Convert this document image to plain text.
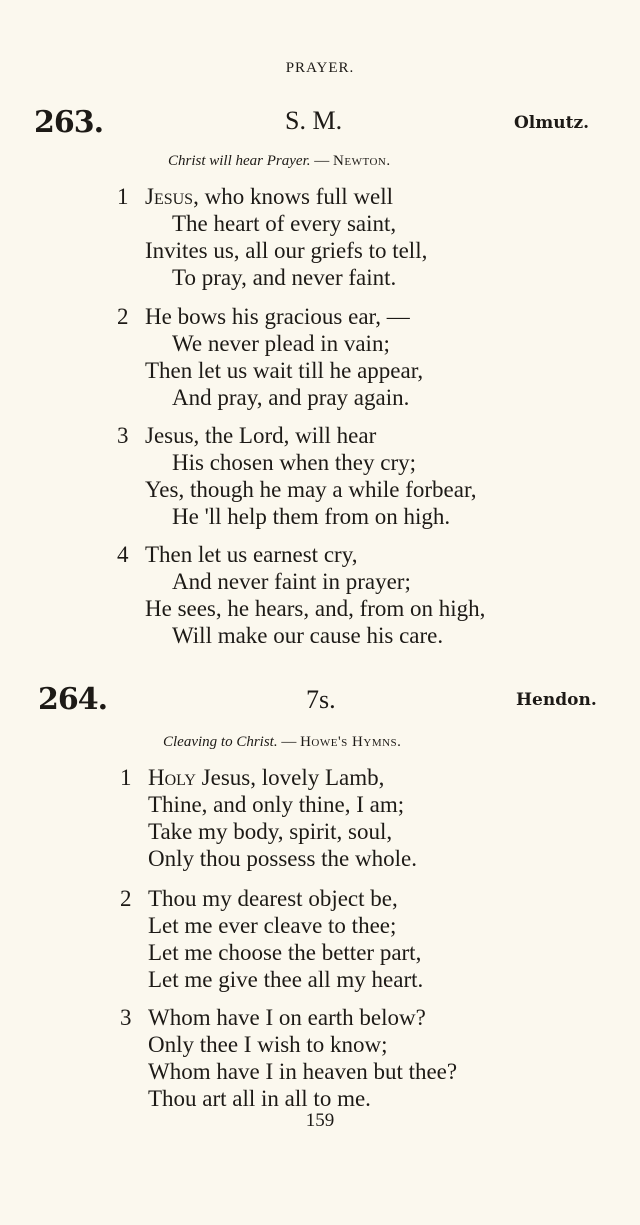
PRAYER.
263.	S. M.	Olmutz.
Christ will hear Prayer. — Newton.
1 Jesus, who knows full well
The heart of every saint,
Invites us, all our griefs to tell,
To pray, and never faint.
2 He bows his gracious ear, —
We never plead in vain;
Then let us wait till he appear,
And pray, and pray again.
3 Jesus, the Lord, will hear
His chosen when they cry;
Yes, though he may a while forbear,
He 'll help them from on high.
4 Then let us earnest cry,
And never faint in prayer;
He sees, he hears, and, from on high,
Will make our cause his care.
264.	7s.	Hendon.
Cleaving to Christ. — Howe's Hymns.
1 Holy Jesus, lovely Lamb,
Thine, and only thine, I am;
Take my body, spirit, soul,
Only thou possess the whole.
2 Thou my dearest object be,
Let me ever cleave to thee;
Let me choose the better part,
Let me give thee all my heart.
3 Whom have I on earth below?
Only thee I wish to know;
Whom have I in heaven but thee?
Thou art all in all to me.
159
